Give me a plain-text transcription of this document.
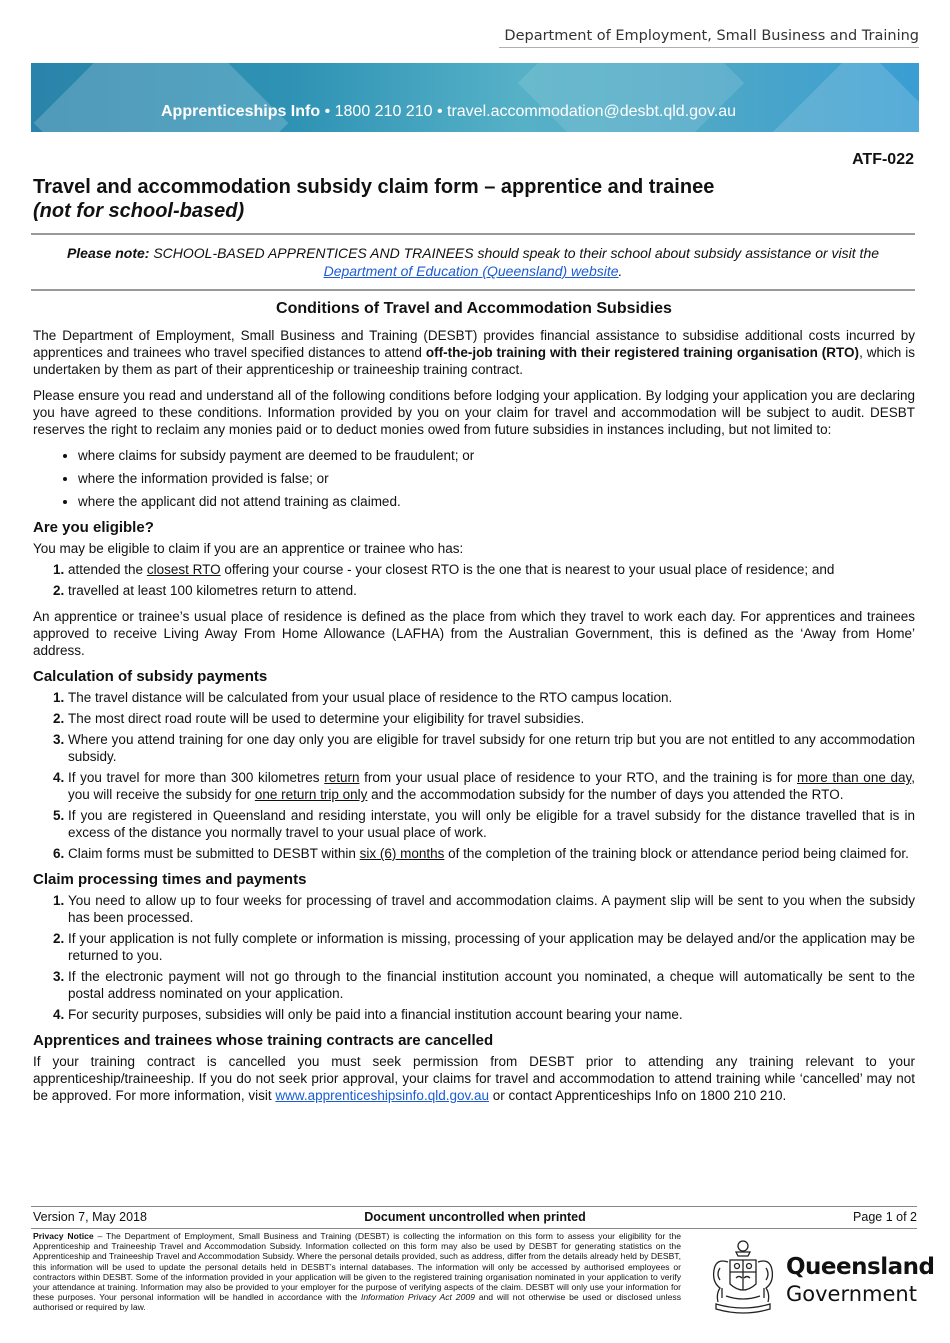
Department of Employment, Small Business and Training
Apprenticeships Info • 1800 210 210 • travel.accommodation@desbt.qld.gov.au
ATF-022
Travel and accommodation subsidy claim form – apprentice and trainee
(not for school-based)
Please note: SCHOOL-BASED APPRENTICES AND TRAINEES should speak to their school about subsidy assistance or visit the Department of Education (Queensland) website.
Conditions of Travel and Accommodation Subsidies

The Department of Employment, Small Business and Training (DESBT) provides financial assistance to subsidise additional costs incurred by apprentices and trainees who travel specified distances to attend off-the-job training with their registered training organisation (RTO), which is undertaken by them as part of their apprenticeship or traineeship training contract.

Please ensure you read and understand all of the following conditions before lodging your application. By lodging your application you are declaring you have agreed to these conditions. Information provided by you on your claim for travel and accommodation will be subject to audit. DESBT reserves the right to reclaim any monies paid or to deduct monies owed from future subsidies in instances including, but not limited to:

• where claims for subsidy payment are deemed to be fraudulent; or
• where the information provided is false; or
• where the applicant did not attend training as claimed.
Are you eligible?

You may be eligible to claim if you are an apprentice or trainee who has:

1. attended the closest RTO offering your course - your closest RTO is the one that is nearest to your usual place of residence; and
2. travelled at least 100 kilometres return to attend.

An apprentice or trainee’s usual place of residence is defined as the place from which they travel to work each day. For apprentices and trainees approved to receive Living Away From Home Allowance (LAFHA) from the Australian Government, this is defined as the ‘Away from Home’ address.

Calculation of subsidy payments
1. The travel distance will be calculated from your usual place of residence to the RTO campus location.
2. The most direct road route will be used to determine your eligibility for travel subsidies.
3. Where you attend training for one day only you are eligible for travel subsidy for one return trip but you are not entitled to any accommodation subsidy.
4. If you travel for more than 300 kilometres return from your usual place of residence to your RTO, and the training is for more than one day, you will receive the subsidy for one return trip only and the accommodation subsidy for the number of days you attended the RTO.
5. If you are registered in Queensland and residing interstate, you will only be eligible for a travel subsidy for the distance travelled that is in excess of the distance you normally travel to your usual place of work.
6. Claim forms must be submitted to DESBT within six (6) months of the completion of the training block or attendance period being claimed for.
Claim processing times and payments
1. You need to allow up to four weeks for processing of travel and accommodation claims. A payment slip will be sent to you when the subsidy has been processed.
2. If your application is not fully complete or information is missing, processing of your application may be delayed and/or the application may be returned to you.
3. If the electronic payment will not go through to the financial institution account you nominated, a cheque will automatically be sent to the postal address nominated on your application.
4. For security purposes, subsidies will only be paid into a financial institution account bearing your name.
Apprentices and trainees whose training contracts are cancelled

If your training contract is cancelled you must seek permission from DESBT prior to attending any training relevant to your apprenticeship/traineeship. If you do not seek prior approval, your claims for travel and accommodation to attend training while ‘cancelled’ may not be approved. For more information, visit www.apprenticeshipsinfo.qld.gov.au or contact Apprenticeships Info on 1800 210 210.

Version 7, May 2018	Document uncontrolled when printed	Page 1 of 2
Privacy Notice – The Department of Employment, Small Business and Training (DESBT) is collecting the information on this form to assess your eligibility for the Apprenticeship and Traineeship Travel and Accommodation Subsidy. Information collected on this form may also be used by DESBT for generating statistics on the Apprenticeship and Traineeship Travel and Accommodation Subsidy. Where the personal details provided, such as address, differ from the details already held by DESBT, this information will be used to update the personal details held in DESBT’s internal databases. The information will only be accessed by authorised employees or contractors within DESBT. Some of the information provided in your application will be given to the registered training organisation nominated in your application to verify your attendance at training. Information may also be provided to your employer for the purpose of verifying aspects of the claim. DESBT will only use your information for these purposes. Your personal information will be handled in accordance with the Information Privacy Act 2009 and will not otherwise be used or disclosed unless authorised or required by law.
Queensland
Government
